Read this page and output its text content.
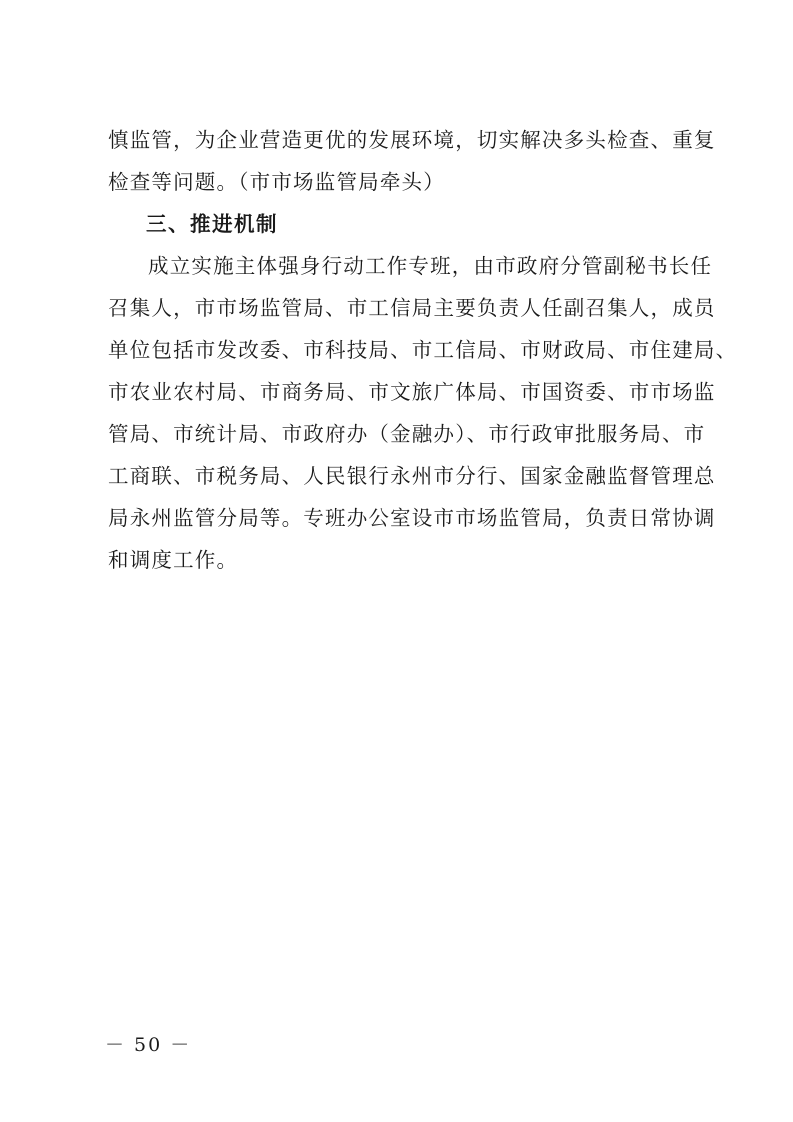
慎监管，为企业营造更优的发展环境，切实解决多头检查、重复
检查等问题。（市市场监管局牵头）
三、推进机制
成立实施主体强身行动工作专班，由市政府分管副秘书长任
召集人，市市场监管局、市工信局主要负责人任副召集人，成员
单位包括市发改委、市科技局、市工信局、市财政局、市住建局、
市农业农村局、市商务局、市文旅广体局、市国资委、市市场监
管局、市统计局、市政府办（金融办）、市行政审批服务局、市
工商联、市税务局、人民银行永州市分行、国家金融监督管理总
局永州监管分局等。专班办公室设市市场监管局，负责日常协调
和调度工作。
－ 50 －
